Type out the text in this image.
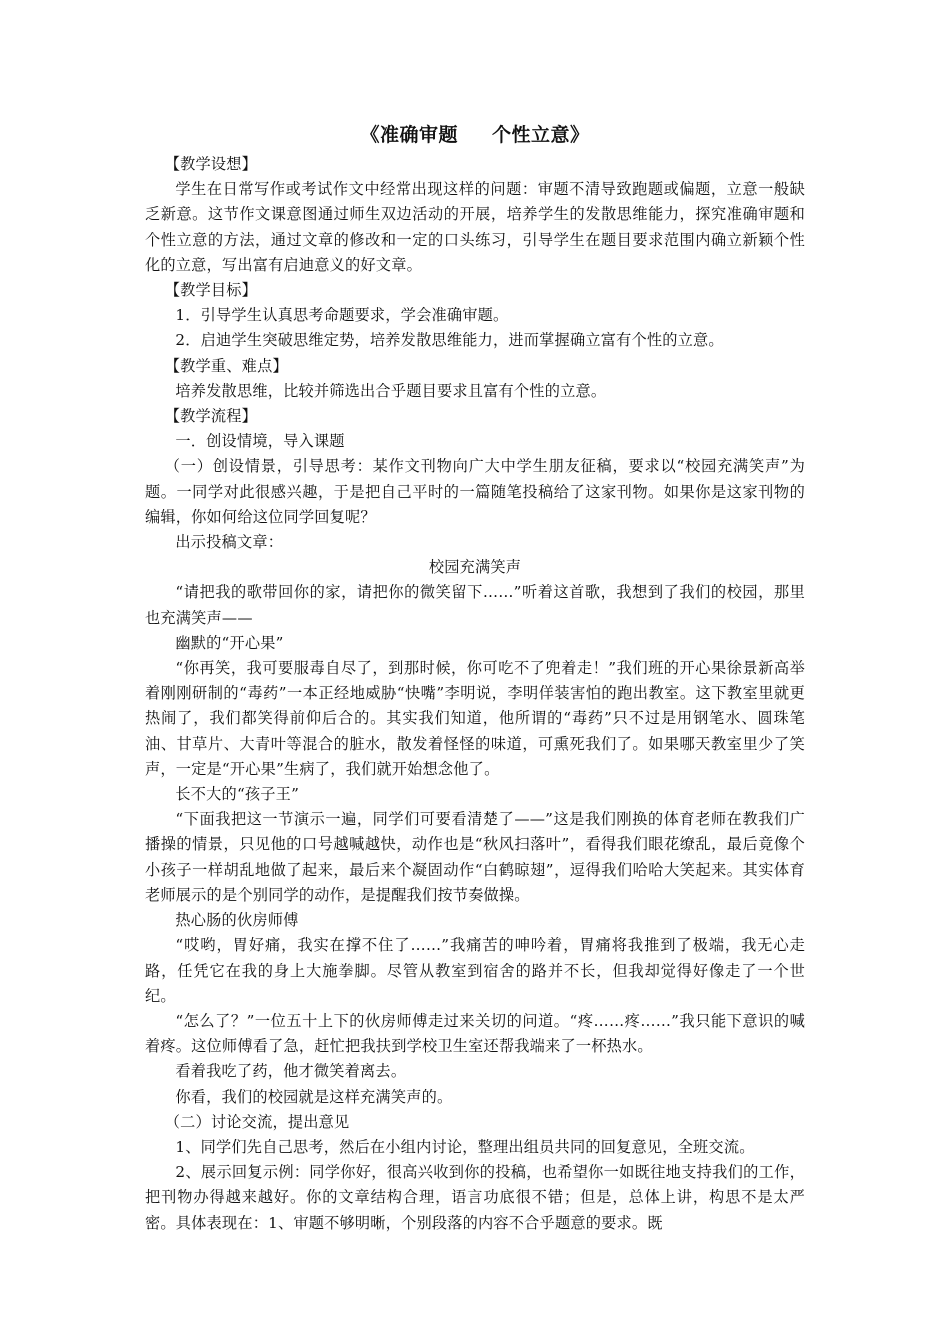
《准确审题 个性立意》

【教学设想】

学生在日常写作或考试作文中经常出现这样的问题：审题不清导致跑题或偏题，立意一般缺乏新意。这节作文课意图通过师生双边活动的开展，培养学生的发散思维能力，探究准确审题和个性立意的方法，通过文章的修改和一定的口头练习，引导学生在题目要求范围内确立新颖个性化的立意，写出富有启迪意义的好文章。

【教学目标】

1．引导学生认真思考命题要求，学会准确审题。

2．启迪学生突破思维定势，培养发散思维能力，进而掌握确立富有个性的立意。

【教学重、难点】

培养发散思维，比较并筛选出合乎题目要求且富有个性的立意。

【教学流程】

一．创设情境，导入课题

（一）创设情景，引导思考：某作文刊物向广大中学生朋友征稿，要求以“校园充满笑声”为题。一同学对此很感兴趣，于是把自己平时的一篇随笔投稿给了这家刊物。如果你是这家刊物的编辑，你如何给这位同学回复呢？

出示投稿文章：

校园充满笑声

“请把我的歌带回你的家，请把你的微笑留下……”听着这首歌，我想到了我们的校园，那里也充满笑声——

幽默的“开心果”

“你再笑，我可要服毒自尽了，到那时候，你可吃不了兜着走！”我们班的开心果徐景新高举着刚刚研制的“毒药”一本正经地威胁“快嘴”李明说，李明佯装害怕的跑出教室。这下教室里就更热闹了，我们都笑得前仰后合的。其实我们知道，他所谓的“毒药”只不过是用钢笔水、圆珠笔油、甘草片、大青叶等混合的脏水，散发着怪怪的味道，可熏死我们了。如果哪天教室里少了笑声，一定是“开心果”生病了，我们就开始想念他了。

长不大的“孩子王”

“下面我把这一节演示一遍，同学们可要看清楚了——”这是我们刚换的体育老师在教我们广播操的情景，只见他的口号越喊越快，动作也是“秋风扫落叶”，看得我们眼花缭乱，最后竟像个小孩子一样胡乱地做了起来，最后来个凝固动作“白鹤晾翅”，逗得我们哈哈大笑起来。其实体育老师展示的是个别同学的动作，是提醒我们按节奏做操。

热心肠的伙房师傅

“哎哟，胃好痛，我实在撑不住了……”我痛苦的呻吟着，胃痛将我推到了极端，我无心走路，任凭它在我的身上大施拳脚。尽管从教室到宿舍的路并不长，但我却觉得好像走了一个世纪。

“怎么了？”一位五十上下的伙房师傅走过来关切的问道。“疼……疼……”我只能下意识的喊着疼。这位师傅看了急，赶忙把我扶到学校卫生室还帮我端来了一杯热水。

看着我吃了药，他才微笑着离去。

你看，我们的校园就是这样充满笑声的。

（二）讨论交流，提出意见

1、同学们先自己思考，然后在小组内讨论，整理出组员共同的回复意见，全班交流。

2、展示回复示例：同学你好，很高兴收到你的投稿，也希望你一如既往地支持我们的工作，把刊物办得越来越好。你的文章结构合理，语言功底很不错；但是，总体上讲，构思不是太严密。具体表现在：1、审题不够明晰，个别段落的内容不合乎题意的要求。既
